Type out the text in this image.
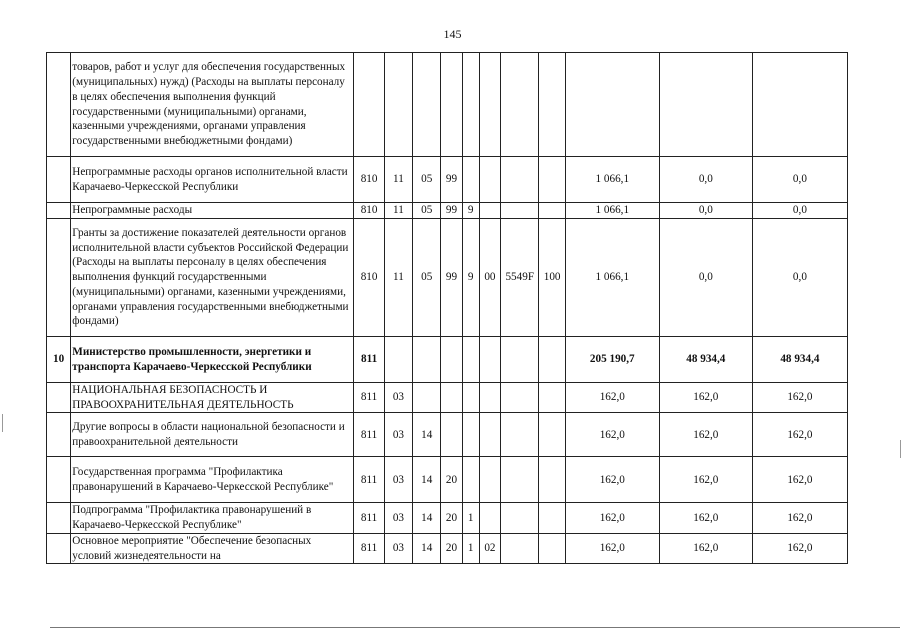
145
	товаров, работ и услуг для обеспечения государственных (муниципальных) нужд) (Расходы на выплаты персоналу в целях обеспечения выполнения функций государственными (муниципальными) органами, казенными учреждениями, органами управления государственными внебюджетными фондами)											
	Непрограммные расходы органов исполнительной власти Карачаево-Черкесской Республики	810	11	05	99					1 066,1	0,0	0,0
	Непрограммные расходы	810	11	05	99	9				1 066,1	0,0	0,0
	Гранты за достижение показателей деятельности органов исполнительной власти субъектов Российской Федерации (Расходы на выплаты персоналу в целях обеспечения выполнения функций государственными (муниципальными) органами, казенными учреждениями, органами управления государственными внебюджетными фондами)	810	11	05	99	9	00	5549F	100	1 066,1	0,0	0,0
10	Министерство промышленности, энергетики и транспорта Карачаево-Черкесской Республики	811								205 190,7	48 934,4	48 934,4
	НАЦИОНАЛЬНАЯ БЕЗОПАСНОСТЬ И ПРАВООХРАНИТЕЛЬНАЯ ДЕЯТЕЛЬНОСТЬ	811	03							162,0	162,0	162,0
	Другие вопросы в области национальной безопасности и правоохранительной деятельности	811	03	14						162,0	162,0	162,0
	Государственная программа "Профилактика правонарушений в Карачаево-Черкесской Республике"	811	03	14	20					162,0	162,0	162,0
	Подпрограмма "Профилактика правонарушений в Карачаево-Черкесской Республике"	811	03	14	20	1				162,0	162,0	162,0
	Основное мероприятие "Обеспечение безопасных условий жизнедеятельности на	811	03	14	20	1	02			162,0	162,0	162,0
